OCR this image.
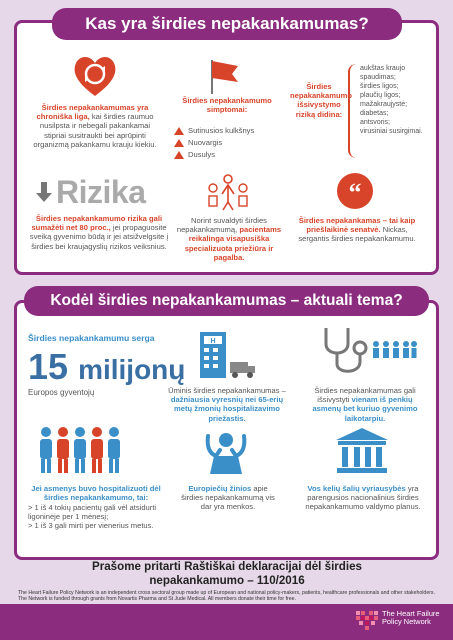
Kas yra širdies nepakankamumas?
Širdies nepakankamumas yra chroniška liga, kai širdies raumuo nusilpsta ir nebegali pakankamai stipriai susitraukti bei aprūpinti organizmą pakankamu krauju kiekiu.
Širdies nepakankamumo simptomai:
Sutinusios kulkšnys
Nuovargis
Dusulys
Širdies nepakankamumo išsivystymo riziką didina:
aukštas kraujo spaudimas;
širdies ligos;
plaučių ligos;
mažakraujystė;
diabetas;
antsvoris;
virusiniai susirgimai.
Rizika
Širdies nepakankamumo rizika gali sumažėti net 80 proc., jei propaguosite sveiką gyvenimo būdą ir jei atsižvelgsite į širdies bei kraujagyslių rizikos veiksnius.
Norint suvaldyti širdies nepakankamumą, pacientams reikalinga visapusiška specializuota priežiūra ir pagalba.
“
Širdies nepakankamas – tai kaip priešlaikinė senatvė. Nickas, sergantis širdies nepakankamumu.
Kodėl širdies nepakankamumas – aktuali tema?
Širdies nepakankamumu serga
15 milijonų
Europos gyventojų
H
Ūminis širdies nepakankamumas – dažniausia vyresnių nei 65-erių metų žmonių hospitalizavimo priežastis.
Širdies nepakankamumas gali išsivystyti vienam iš penkių asmenų bet kuriuo gyvenimo laikotarpiu.
Jei asmenys buvo hospitalizuoti dėl širdies nepakankamumo, tai:
> 1 iš 4 tokių pacientų gali vėl atsidurti ligoninėje per 1 mėnesį;
> 1 iš 3 gali mirti per vienerius metus.
Europiečių žinios apie širdies nepakankamumą vis dar yra menkos.
Vos kelių šalių vyriausybės yra parengusios nacionalinius širdies nepakankamumo valdymo planus.
Prašome pritarti Raštiškai deklaracijai dėl širdies nepakankamumo – 110/2016
The Heart Failure Policy Network is an independent cross sectoral group made up of European and national policy-makers, patients, healthcare professionals and other stakeholders. The Network is funded through grants from Novartis Pharma and St Jude Medical. All members donate their time for free.
The Heart Failure Policy Network
